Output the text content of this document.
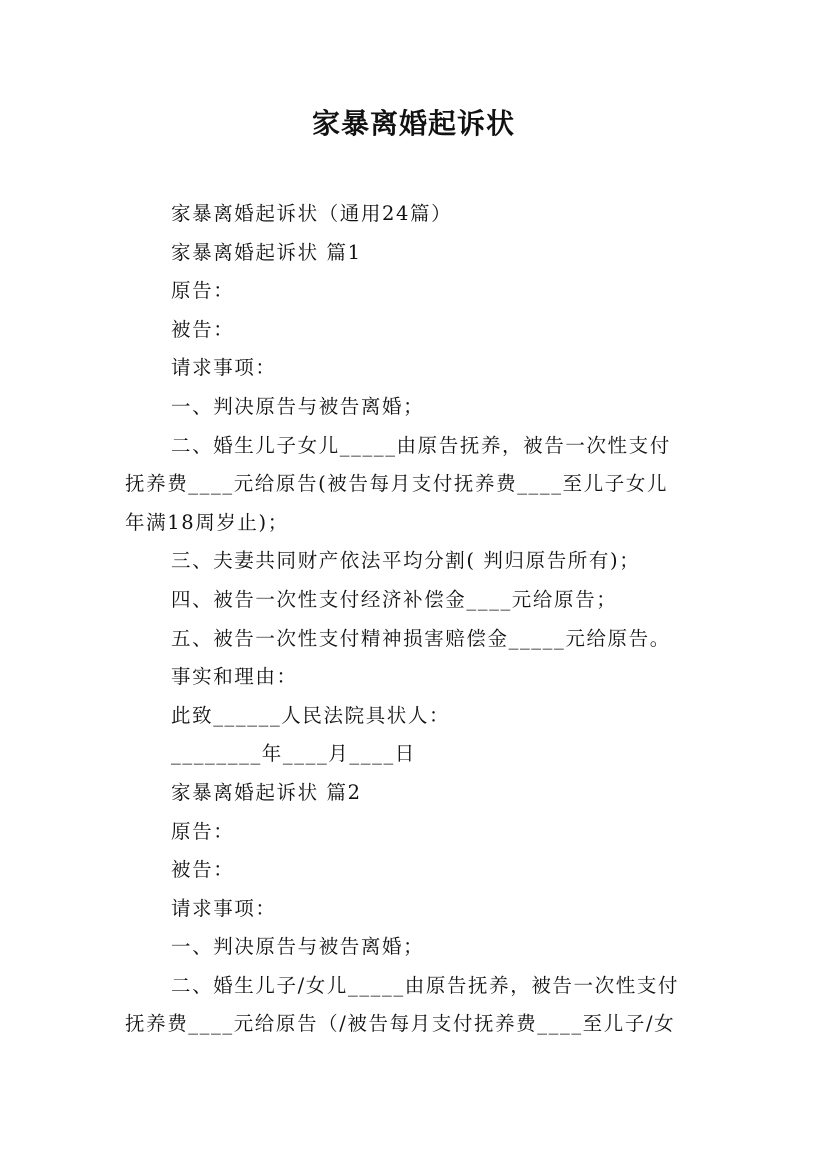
家暴离婚起诉状

家暴离婚起诉状（通用24篇）

家暴离婚起诉状 篇1

原告：

被告：

请求事项：

一、判决原告与被告离婚；

二、婚生儿子女儿_____由原告抚养，被告一次性支付

抚养费____元给原告(被告每月支付抚养费____至儿子女儿

年满18周岁止)；

三、夫妻共同财产依法平均分割( 判归原告所有)；

四、被告一次性支付经济补偿金____元给原告；

五、被告一次性支付精神损害赔偿金_____元给原告。

事实和理由：

此致______人民法院具状人：

________年____月____日

家暴离婚起诉状 篇2

原告：

被告：

请求事项：

一、判决原告与被告离婚；

二、婚生儿子/女儿_____由原告抚养，被告一次性支付

抚养费____元给原告（/被告每月支付抚养费____至儿子/女
